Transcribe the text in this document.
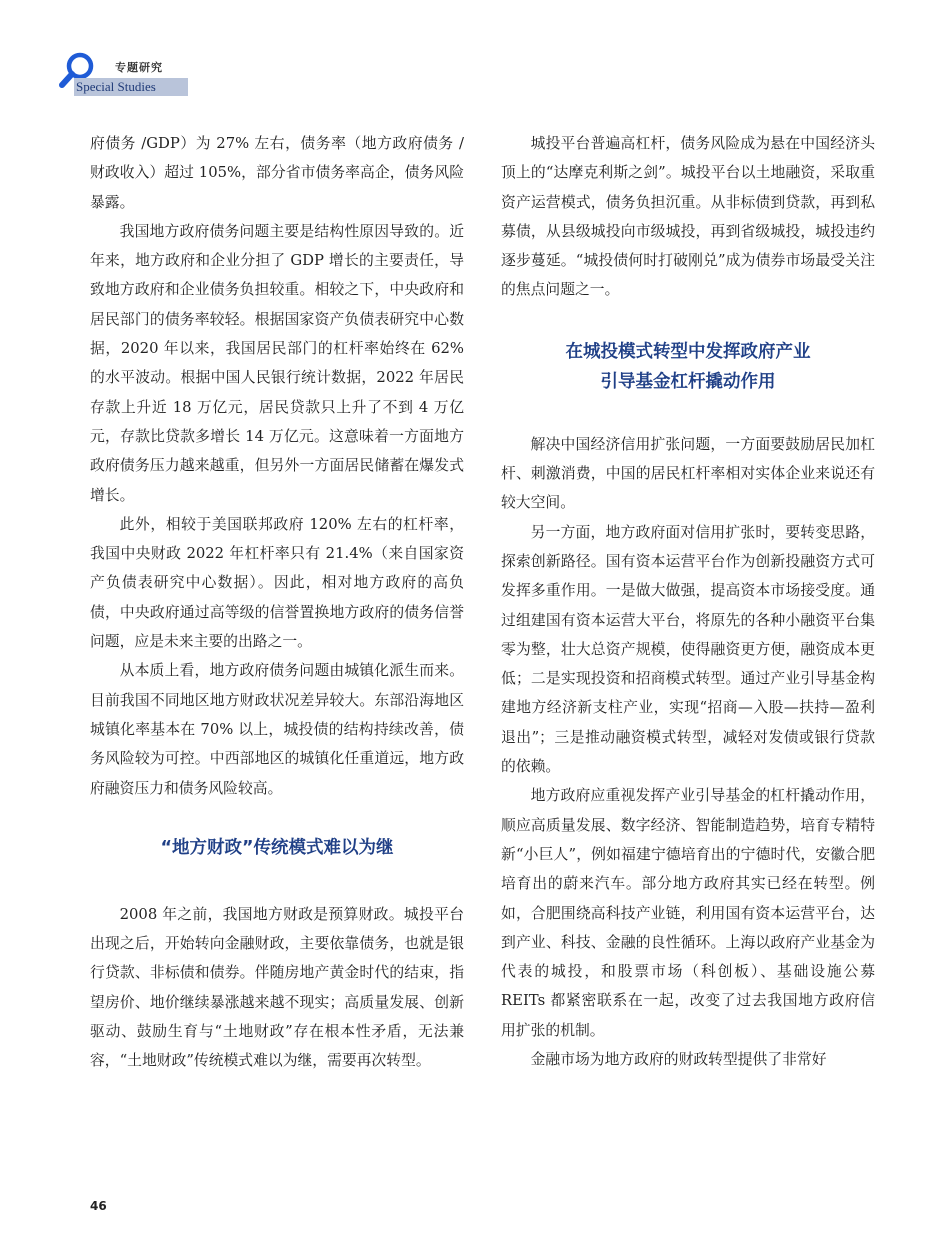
专题研究
Special Studies

府债务 /GDP）为 27% 左右，债务率（地方政府债务 / 财政收入）超过 105%，部分省市债务率高企，债务风险暴露。

我国地方政府债务问题主要是结构性原因导致的。近年来，地方政府和企业分担了 GDP 增长的主要责任，导致地方政府和企业债务负担较重。相较之下，中央政府和居民部门的债务率较轻。根据国家资产负债表研究中心数据，2020 年以来，我国居民部门的杠杆率始终在 62% 的水平波动。根据中国人民银行统计数据，2022 年居民存款上升近 18 万亿元，居民贷款只上升了不到 4 万亿元，存款比贷款多增长 14 万亿元。这意味着一方面地方政府债务压力越来越重，但另外一方面居民储蓄在爆发式增长。

此外，相较于美国联邦政府 120% 左右的杠杆率，我国中央财政 2022 年杠杆率只有 21.4%（来自国家资产负债表研究中心数据）。因此，相对地方政府的高负债，中央政府通过高等级的信誉置换地方政府的债务信誉问题，应是未来主要的出路之一。

从本质上看，地方政府债务问题由城镇化派生而来。目前我国不同地区地方财政状况差异较大。东部沿海地区城镇化率基本在 70% 以上，城投债的结构持续改善，债务风险较为可控。中西部地区的城镇化任重道远，地方政府融资压力和债务风险较高。

“地方财政”传统模式难以为继

2008 年之前，我国地方财政是预算财政。城投平台出现之后，开始转向金融财政，主要依靠债务，也就是银行贷款、非标债和债券。伴随房地产黄金时代的结束，指望房价、地价继续暴涨越来越不现实；高质量发展、创新驱动、鼓励生育与“土地财政”存在根本性矛盾，无法兼容，“土地财政”传统模式难以为继，需要再次转型。

城投平台普遍高杠杆，债务风险成为悬在中国经济头顶上的“达摩克利斯之剑”。城投平台以土地融资，采取重资产运营模式，债务负担沉重。从非标债到贷款，再到私募债，从县级城投向市级城投，再到省级城投，城投违约逐步蔓延。“城投债何时打破刚兑”成为债券市场最受关注的焦点问题之一。

在城投模式转型中发挥政府产业
引导基金杠杆撬动作用

解决中国经济信用扩张问题，一方面要鼓励居民加杠杆、刺激消费，中国的居民杠杆率相对实体企业来说还有较大空间。

另一方面，地方政府面对信用扩张时，要转变思路，探索创新路径。国有资本运营平台作为创新投融资方式可发挥多重作用。一是做大做强，提高资本市场接受度。通过组建国有资本运营大平台，将原先的各种小融资平台集零为整，壮大总资产规模，使得融资更方便，融资成本更低；二是实现投资和招商模式转型。通过产业引导基金构建地方经济新支柱产业，实现“招商—入股—扶持—盈利退出”；三是推动融资模式转型，减轻对发债或银行贷款的依赖。

地方政府应重视发挥产业引导基金的杠杆撬动作用，顺应高质量发展、数字经济、智能制造趋势，培育专精特新“小巨人”，例如福建宁德培育出的宁德时代，安徽合肥培育出的蔚来汽车。部分地方政府其实已经在转型。例如，合肥围绕高科技产业链，利用国有资本运营平台，达到产业、科技、金融的良性循环。上海以政府产业基金为代表的城投，和股票市场（科创板）、基础设施公募 REITs 都紧密联系在一起，改变了过去我国地方政府信用扩张的机制。

金融市场为地方政府的财政转型提供了非常好

46
